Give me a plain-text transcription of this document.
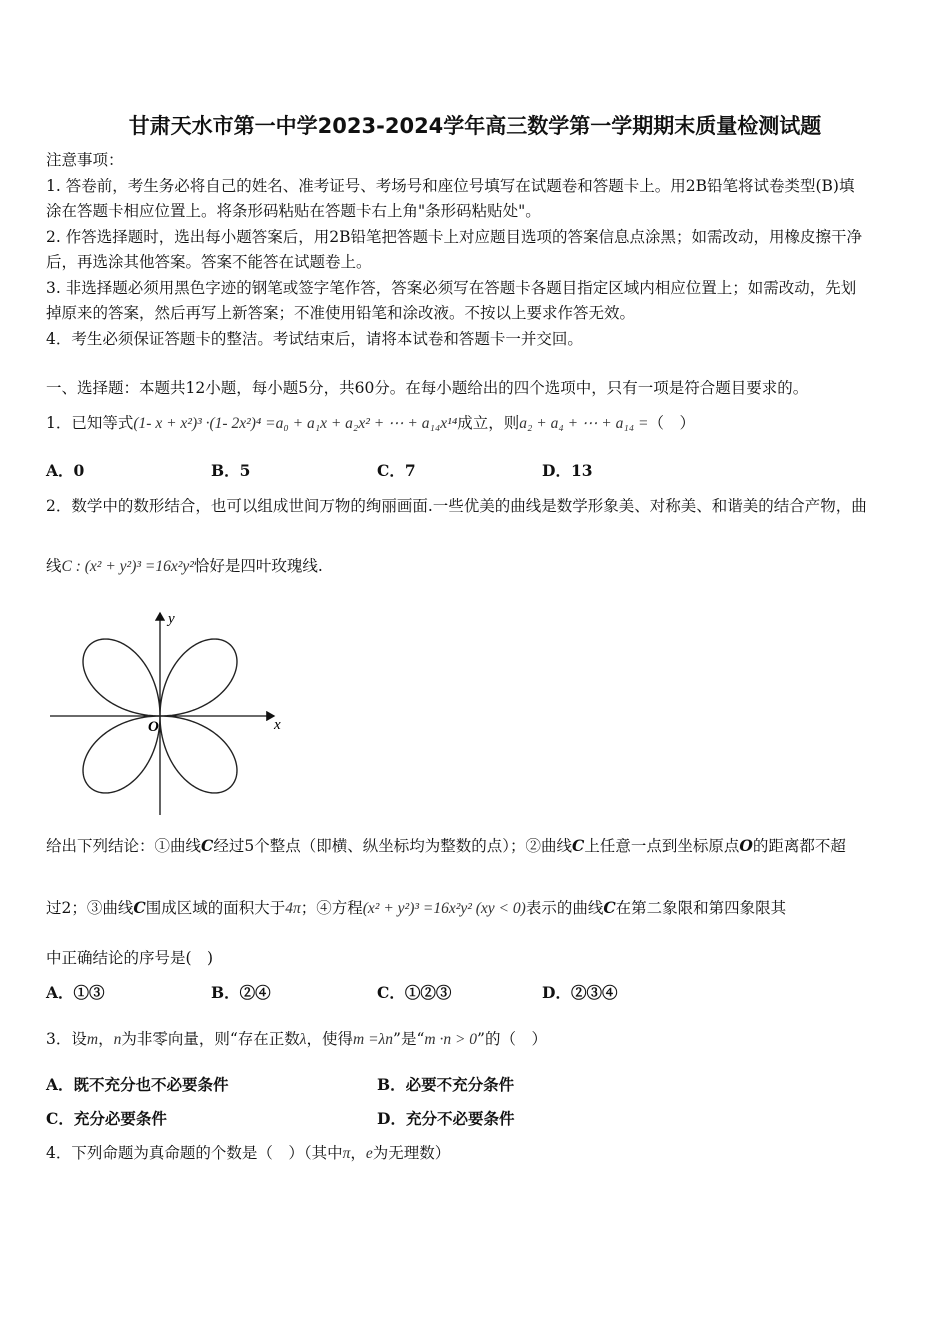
甘肃天水市第一中学2023-2024学年高三数学第一学期期末质量检测试题
注意事项：
1. 答卷前，考生务必将自己的姓名、准考证号、考场号和座位号填写在试题卷和答题卡上。用2B铅笔将试卷类型(B)填
涂在答题卡相应位置上。将条形码粘贴在答题卡右上角"条形码粘贴处"。
2. 作答选择题时，选出每小题答案后，用2B铅笔把答题卡上对应题目选项的答案信息点涂黑；如需改动，用橡皮擦干净
后，再选涂其他答案。答案不能答在试题卷上。
3. 非选择题必须用黑色字迹的钢笔或签字笔作答，答案必须写在答题卡各题目指定区域内相应位置上；如需改动，先划
掉原来的答案，然后再写上新答案；不准使用铅笔和涂改液。不按以上要求作答无效。
4．考生必须保证答题卡的整洁。考试结束后，请将本试卷和答题卡一并交回。
一、选择题：本题共12小题，每小题5分，共60分。在每小题给出的四个选项中，只有一项是符合题目要求的。
1．已知等式(1- x + x²)³ ·(1- 2x²)⁴ =a₀ + a₁x + a₂x² + ⋯ + a₁₄x¹⁴成立，则a₂ + a₄ + ⋯ + a₁₄ =（　）
A．0	B．5	C．7	D．13
2．数学中的数形结合，也可以组成世间万物的绚丽画面.一些优美的曲线是数学形象美、对称美、和谐美的结合产物，曲
线C : (x² + y²)³ =16x²y²恰好是四叶玫瑰线.
y
x
O
给出下列结论：①曲线C经过5个整点（即横、纵坐标均为整数的点）；②曲线C上任意一点到坐标原点O的距离都不超
过2；③曲线C围成区域的面积大于4π；④方程(x² + y²)³ =16x²y² (xy < 0)表示的曲线C在第二象限和第四象限其
中正确结论的序号是(　)
A．①③	B．②④	C．①②③	D．②③④
3．设m，n为非零向量，则“存在正数λ，使得m =λn”是“m ·n > 0”的（　）
A．既不充分也不必要条件	B．必要不充分条件
C．充分必要条件	D．充分不必要条件
4．下列命题为真命题的个数是（　）（其中π，e为无理数）
